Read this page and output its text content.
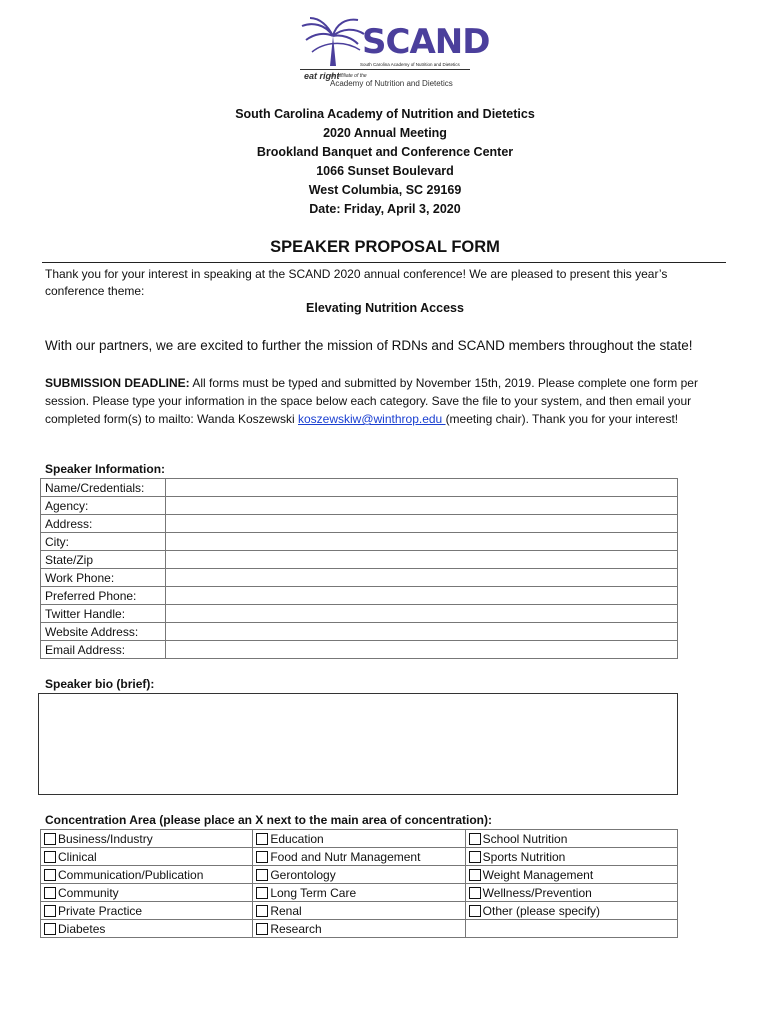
SCAND
South Carolina Academy of Nutrition and Dietetics
eat right
an affiliate of the
Academy of Nutrition and Dietetics
South Carolina Academy of Nutrition and Dietetics
2020 Annual Meeting
Brookland Banquet and Conference Center
1066 Sunset Boulevard
West Columbia, SC 29169
Date: Friday, April 3, 2020
SPEAKER PROPOSAL FORM
Thank you for your interest in speaking at the SCAND 2020 annual conference! We are pleased to present this year’s conference theme:
Elevating Nutrition Access
With our partners, we are excited to further the mission of RDNs and SCAND members throughout the state!
SUBMISSION DEADLINE: All forms must be typed and submitted by November 15th, 2019. Please complete one form per session. Please type your information in the space below each category. Save the file to your system, and then email your completed form(s) to mailto: Wanda Koszewski koszewskiw@winthrop.edu (meeting chair). Thank you for your interest!
Speaker Information:
Name/Credentials:	
Agency:	
Address:	
City:	
State/Zip	
Work Phone:	
Preferred Phone:	
Twitter Handle:	
Website Address:	
Email Address:	
Speaker bio (brief):
Concentration Area (please place an X next to the main area of concentration):
Business/Industry	Education	School Nutrition
Clinical	Food and Nutr Management	Sports Nutrition
Communication/Publication	Gerontology	Weight Management
Community	Long Term Care	Wellness/Prevention
Private Practice	Renal	Other (please specify)
Diabetes	Research	
